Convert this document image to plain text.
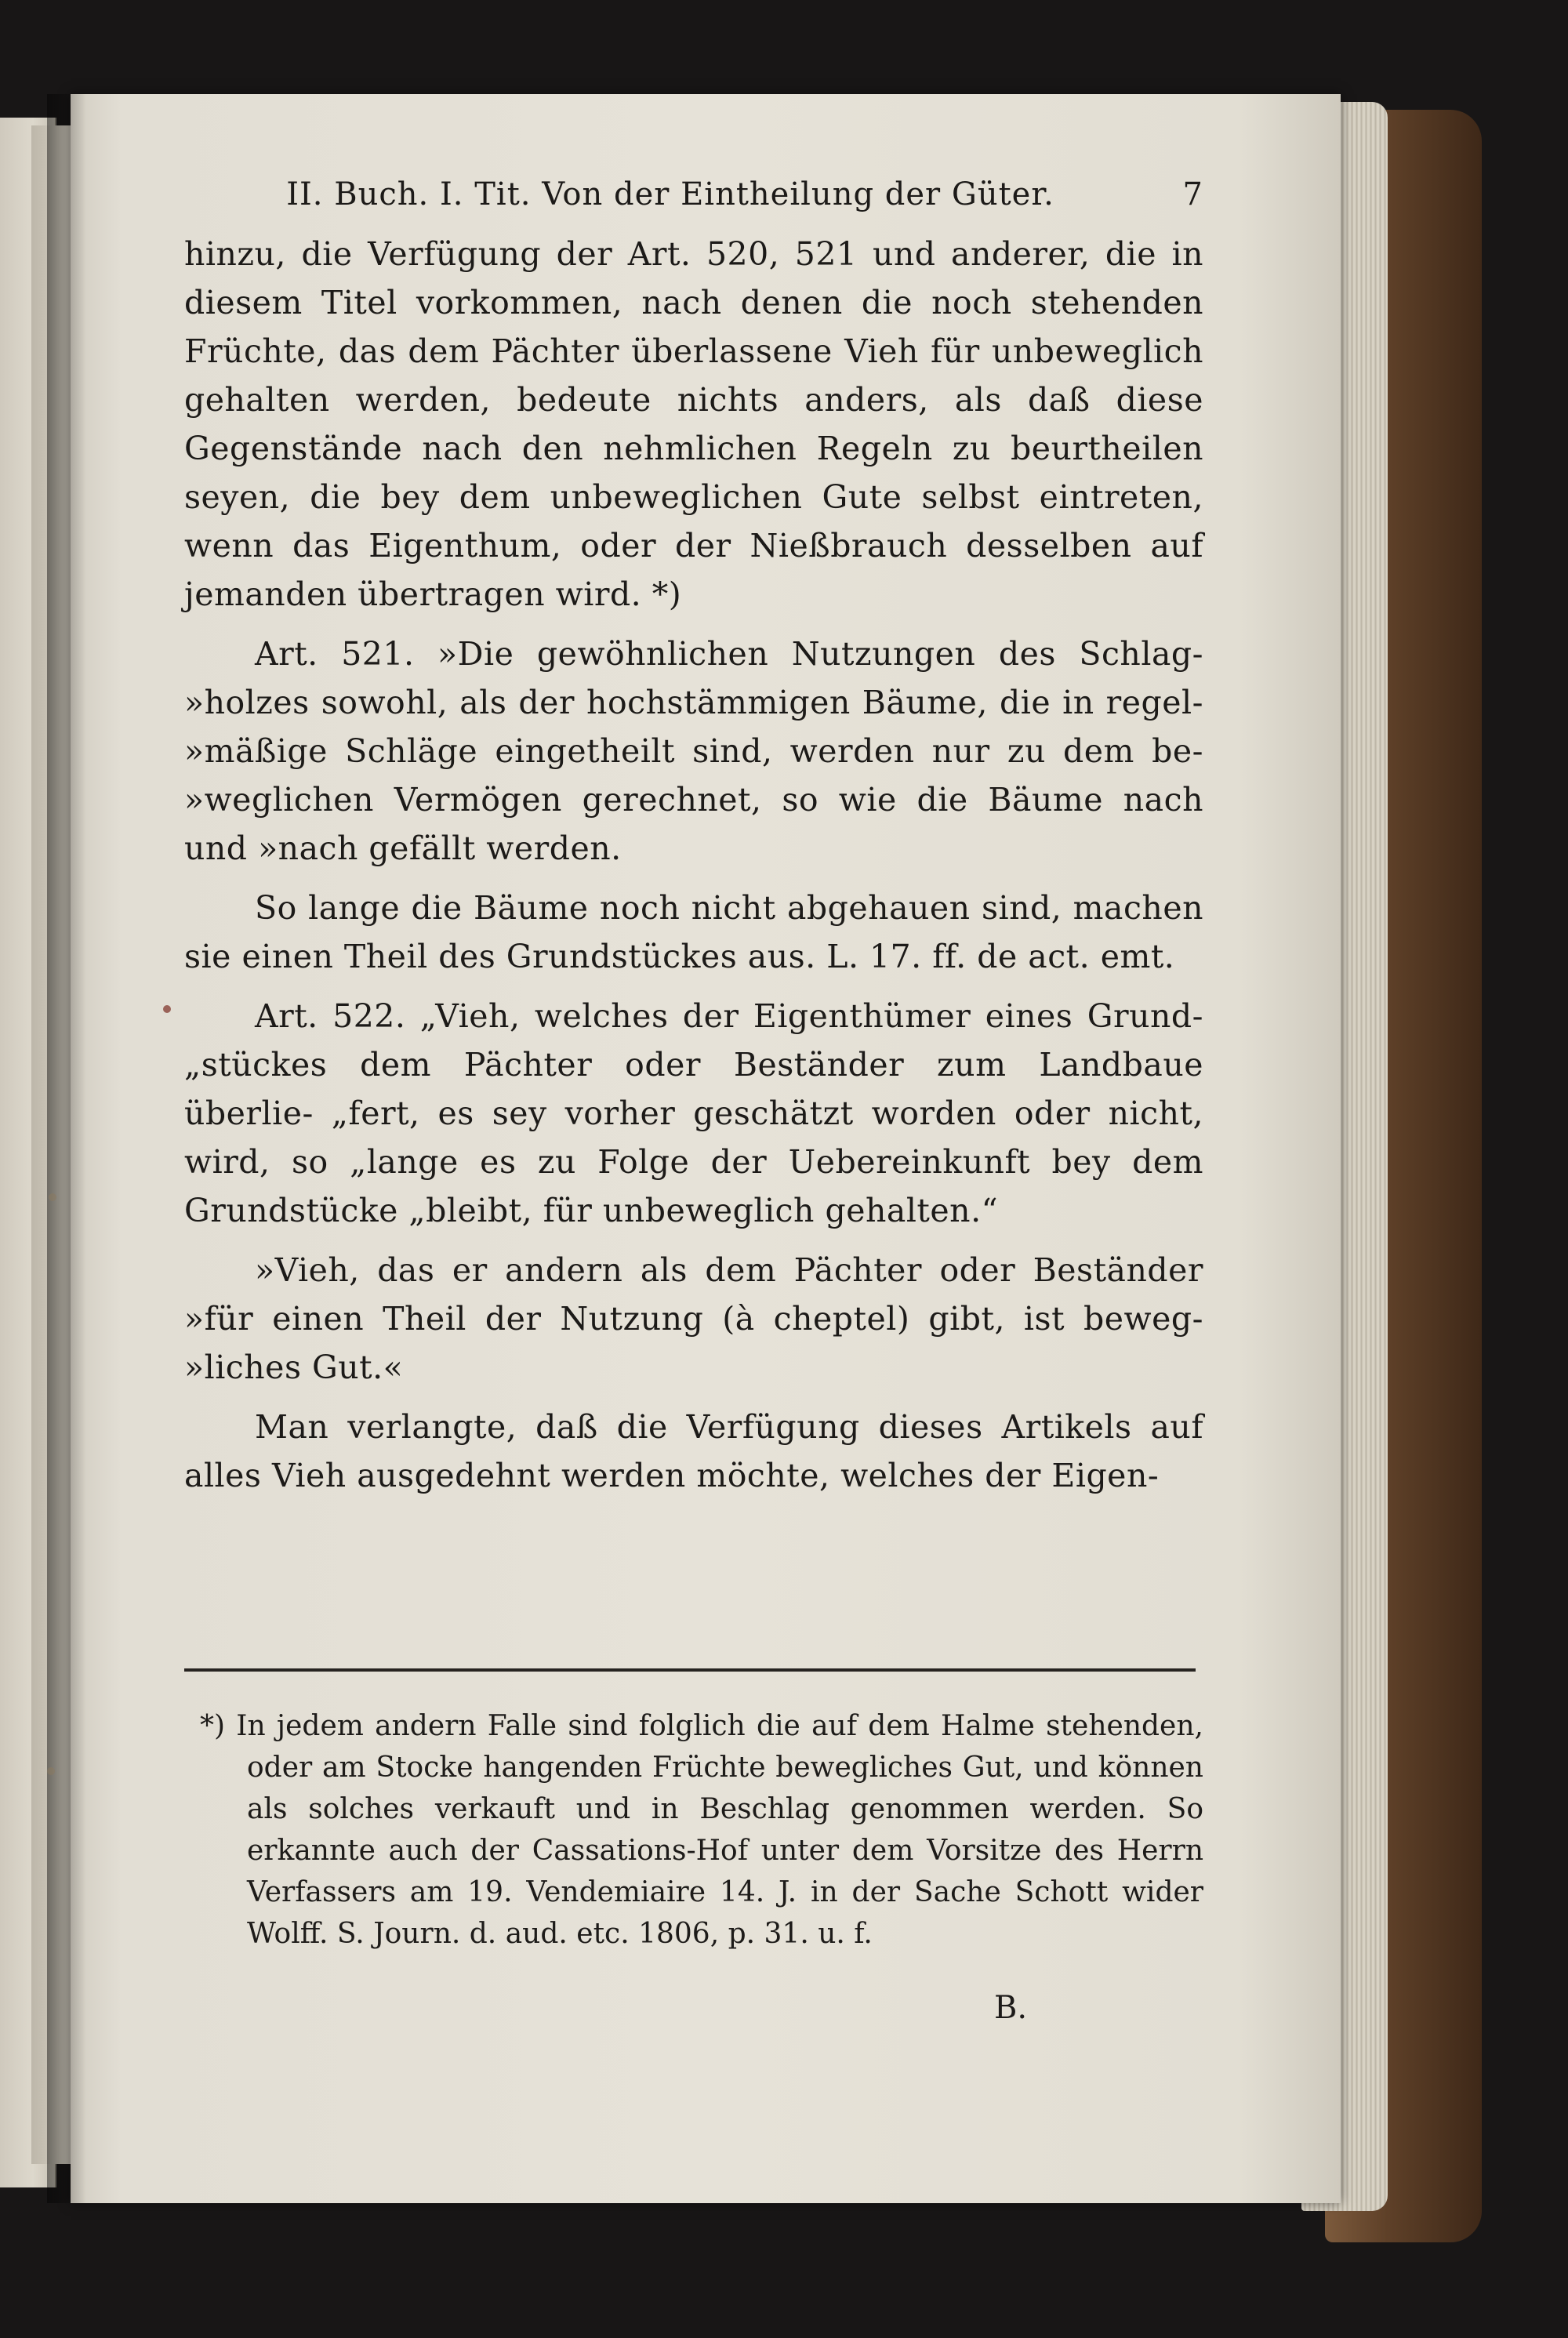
II. Buch. I. Tit. Von der Eintheilung der Güter.	7

hinzu, die Verfügung der Art. 520, 521 und anderer, die in diesem Titel vorkommen, nach denen die noch stehenden Früchte, das dem Pächter überlassene Vieh für unbeweglich gehalten werden, bedeute nichts anders, als daß diese Gegenstände nach den nehmlichen Regeln zu beurtheilen seyen, die bey dem unbeweglichen Gute selbst eintreten, wenn das Eigenthum, oder der Nießbrauch desselben auf jemanden übertragen wird. *)

Art. 521. »Die gewöhnlichen Nutzungen des Schlag- »holzes sowohl, als der hochstämmigen Bäume, die in regel- »mäßige Schläge eingetheilt sind, werden nur zu dem be- »weglichen Vermögen gerechnet, so wie die Bäume nach und »nach gefällt werden.

So lange die Bäume noch nicht abgehauen sind, machen sie einen Theil des Grundstückes aus. L. 17. ff. de act. emt.

Art. 522. „Vieh, welches der Eigenthümer eines Grund- „stückes dem Pächter oder Beständer zum Landbaue überlie- „fert, es sey vorher geschätzt worden oder nicht, wird, so „lange es zu Folge der Uebereinkunft bey dem Grundstücke „bleibt, für unbeweglich gehalten.“

»Vieh, das er andern als dem Pächter oder Beständer »für einen Theil der Nutzung (à cheptel) gibt, ist beweg- »liches Gut.«

Man verlangte, daß die Verfügung dieses Artikels auf alles Vieh ausgedehnt werden möchte, welches der Eigen-

*) In jedem andern Falle sind folglich die auf dem Halme stehenden, oder am Stocke hangenden Früchte bewegliches Gut, und können als solches verkauft und in Beschlag genommen werden. So erkannte auch der Cassations-Hof unter dem Vorsitze des Herrn Verfassers am 19. Vendemiaire 14. J. in der Sache Schott wider Wolff. S. Journ. d. aud. etc. 1806, p. 31. u. f.
B.
